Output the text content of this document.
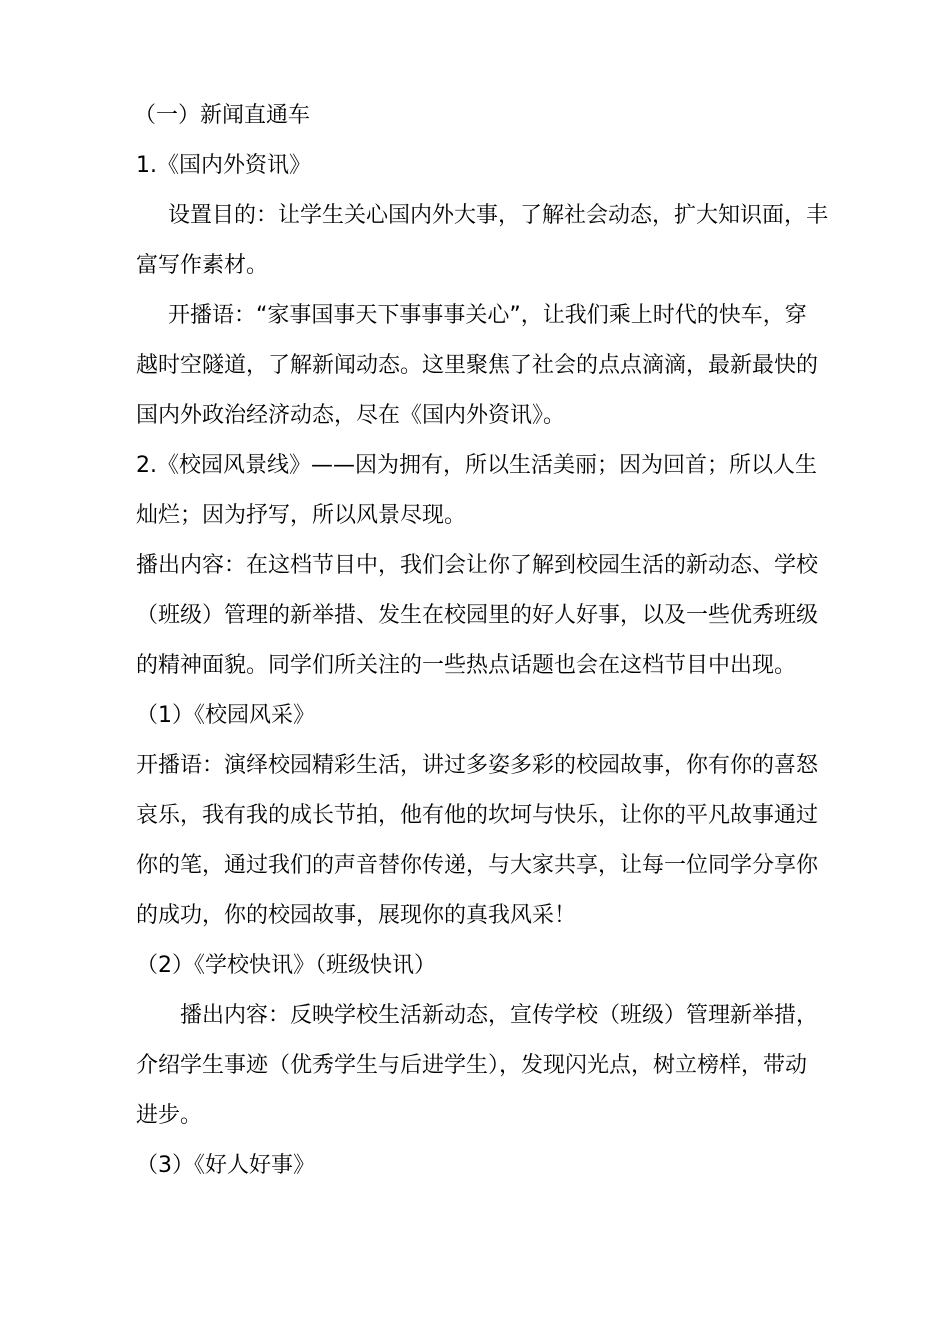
（一）新闻直通车
1.《国内外资讯》
设置目的：让学生关心国内外大事，了解社会动态，扩大知识面，丰
富写作素材。
开播语：“家事国事天下事事事关心”，让我们乘上时代的快车，穿
越时空隧道，了解新闻动态。这里聚焦了社会的点点滴滴，最新最快的
国内外政治经济动态，尽在《国内外资讯》。
2.《校园风景线》——因为拥有，所以生活美丽；因为回首；所以人生
灿烂；因为抒写，所以风景尽现。
播出内容：在这档节目中，我们会让你了解到校园生活的新动态、学校
（班级）管理的新举措、发生在校园里的好人好事，以及一些优秀班级
的精神面貌。同学们所关注的一些热点话题也会在这档节目中出现。
（1）《校园风采》
开播语：演绎校园精彩生活，讲过多姿多彩的校园故事，你有你的喜怒
哀乐，我有我的成长节拍，他有他的坎坷与快乐，让你的平凡故事通过
你的笔，通过我们的声音替你传递，与大家共享，让每一位同学分享你
的成功，你的校园故事，展现你的真我风采！
（2）《学校快讯》（班级快讯）
播出内容：反映学校生活新动态，宣传学校（班级）管理新举措，
介绍学生事迹（优秀学生与后进学生），发现闪光点，树立榜样，带动
进步。
（3）《好人好事》
